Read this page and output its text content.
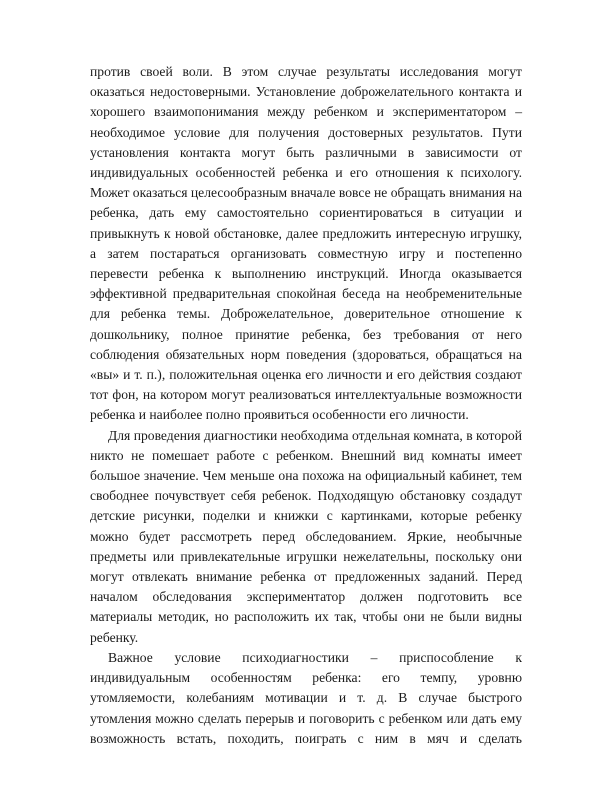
против своей воли. В этом случае результаты исследования могут оказаться недостоверными. Установление доброжелательного контакта и хорошего взаимопонимания между ребенком и экспериментатором – необходимое условие для получения достоверных результатов. Пути установления контакта могут быть различными в зависимости от индивидуальных особенностей ребенка и его отношения к психологу. Может оказаться целесообразным вначале вовсе не обращать внимания на ребенка, дать ему самостоятельно сориентироваться в ситуации и привыкнуть к новой обстановке, далее предложить интересную игрушку, а затем постараться организовать совместную игру и постепенно перевести ребенка к выполнению инструкций. Иногда оказывается эффективной предварительная спокойная беседа на необременительные для ребенка темы. Доброжелательное, доверительное отношение к дошкольнику, полное принятие ребенка, без требования от него соблюдения обязательных норм поведения (здороваться, обращаться на «вы» и т. п.), положительная оценка его личности и его действия создают тот фон, на котором могут реализоваться интеллектуальные возможности ребенка и наиболее полно проявиться особенности его личности.

Для проведения диагностики необходима отдельная комната, в которой никто не помешает работе с ребенком. Внешний вид комнаты имеет большое значение. Чем меньше она похожа на официальный кабинет, тем свободнее почувствует себя ребенок. Подходящую обстановку создадут детские рисунки, поделки и книжки с картинками, которые ребенку можно будет рассмотреть перед обследованием. Яркие, необычные предметы или привлекательные игрушки нежелательны, поскольку они могут отвлекать внимание ребенка от предложенных заданий. Перед началом обследования экспериментатор должен подготовить все материалы методик, но расположить их так, чтобы они не были видны ребенку.

Важное условие психодиагностики – приспособление к индивидуальным особенностям ребенка: его темпу, уровню утомляемости, колебаниям мотивации и т. д. В случае быстрого утомления можно сделать перерыв и поговорить с ребенком или дать ему возможность встать, походить, поиграть с ним в мяч и сделать
